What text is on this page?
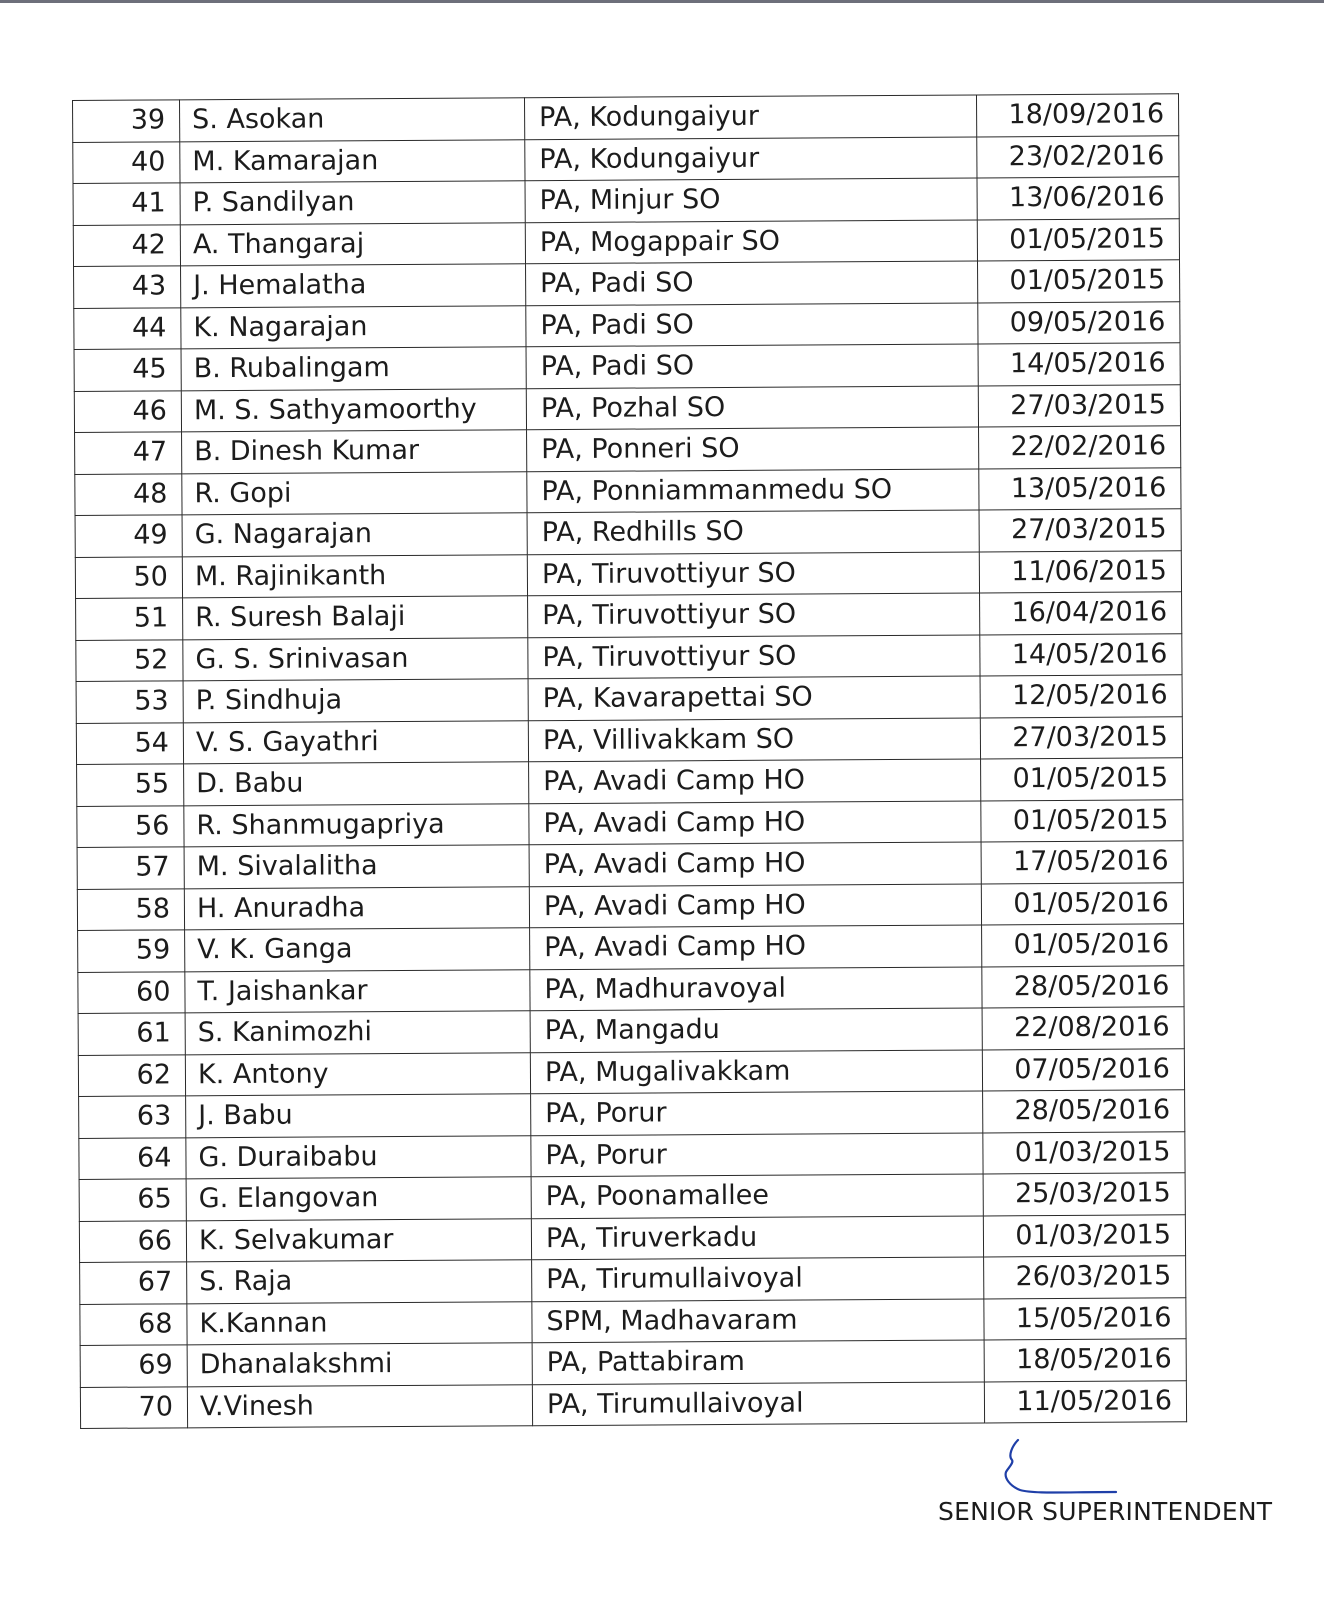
39	S. Asokan	PA, Kodungaiyur	18/09/2016
40	M. Kamarajan	PA, Kodungaiyur	23/02/2016
41	P. Sandilyan	PA, Minjur SO	13/06/2016
42	A. Thangaraj	PA, Mogappair SO	01/05/2015
43	J. Hemalatha	PA, Padi SO	01/05/2015
44	K. Nagarajan	PA, Padi SO	09/05/2016
45	B. Rubalingam	PA, Padi SO	14/05/2016
46	M. S. Sathyamoorthy	PA, Pozhal SO	27/03/2015
47	B. Dinesh Kumar	PA, Ponneri SO	22/02/2016
48	R. Gopi	PA, Ponniammanmedu SO	13/05/2016
49	G. Nagarajan	PA, Redhills SO	27/03/2015
50	M. Rajinikanth	PA, Tiruvottiyur SO	11/06/2015
51	R. Suresh Balaji	PA, Tiruvottiyur SO	16/04/2016
52	G. S. Srinivasan	PA, Tiruvottiyur SO	14/05/2016
53	P. Sindhuja	PA, Kavarapettai SO	12/05/2016
54	V. S. Gayathri	PA, Villivakkam SO	27/03/2015
55	D. Babu	PA, Avadi Camp HO	01/05/2015
56	R. Shanmugapriya	PA, Avadi Camp HO	01/05/2015
57	M. Sivalalitha	PA, Avadi Camp HO	17/05/2016
58	H. Anuradha	PA, Avadi Camp HO	01/05/2016
59	V. K. Ganga	PA, Avadi Camp HO	01/05/2016
60	T. Jaishankar	PA, Madhuravoyal	28/05/2016
61	S. Kanimozhi	PA, Mangadu	22/08/2016
62	K. Antony	PA, Mugalivakkam	07/05/2016
63	J. Babu	PA, Porur	28/05/2016
64	G. Duraibabu	PA, Porur	01/03/2015
65	G. Elangovan	PA, Poonamallee	25/03/2015
66	K. Selvakumar	PA, Tiruverkadu	01/03/2015
67	S. Raja	PA, Tirumullaivoyal	26/03/2015
68	K.Kannan	SPM, Madhavaram	15/05/2016
69	Dhanalakshmi	PA, Pattabiram	18/05/2016
70	V.Vinesh	PA, Tirumullaivoyal	11/05/2016
SENIOR SUPERINTENDENT
